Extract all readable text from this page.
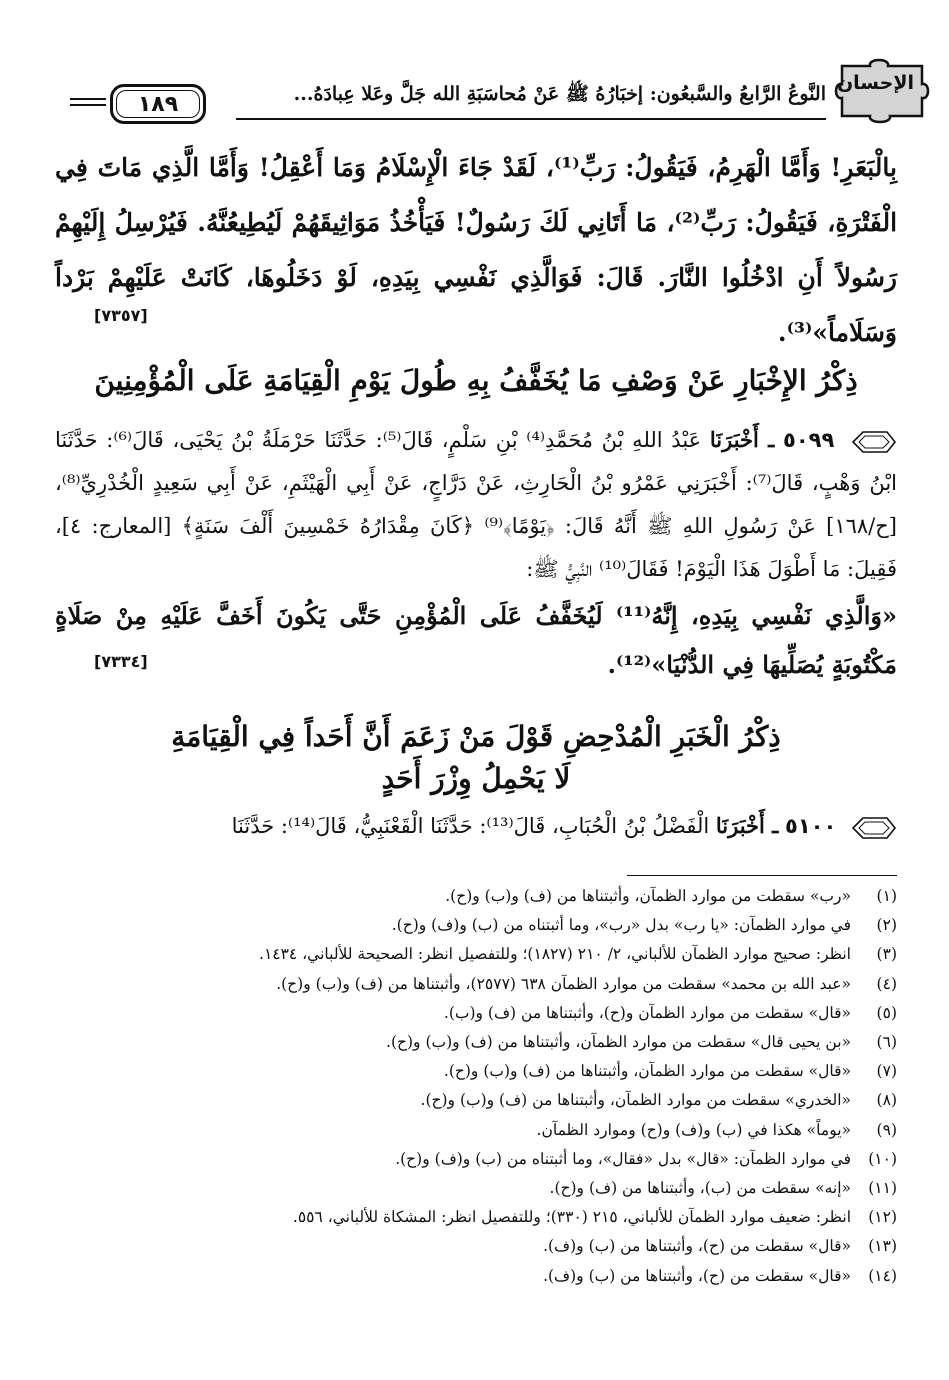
الإحسان
النَّوعُ الرَّابعُ والسَّبعُون: إخبَارُهُ ﷺ عَنْ مُحاسَبَةِ الله جَلَّ وعَلا عِبادَهُ...
١٨٩
بِالْبَعَرِ! وَأَمَّا الْهَرِمُ، فَيَقُولُ: رَبِّ⁽¹⁾، لَقَدْ جَاءَ الْإِسْلَامُ وَمَا أَعْقِلُ! وَأَمَّا الَّذِي مَاتَ فِي الْفَتْرَةِ، فَيَقُولُ: رَبِّ⁽²⁾، مَا أَتَانِي لَكَ رَسُولٌ! فَيَأْخُذُ مَوَاثِيقَهُمْ لَيُطِيعُنَّهُ. فَيُرْسِلُ إِلَيْهِمْ رَسُولاً أَنِ ادْخُلُوا النَّارَ. قَالَ: فَوَالَّذِي نَفْسِي بِيَدِهِ، لَوْ دَخَلُوهَا، كَانَتْ عَلَيْهِمْ بَرْداً وَسَلَاماً»⁽³⁾.
[٧٣٥٧]
ذِكْرُ الإِخْبَارِ عَنْ وَصْفِ مَا يُخَفَّفُ بِهِ طُولَ يَوْمِ الْقِيَامَةِ عَلَى الْمُؤْمِنِينَ
٥٠٩٩ ـ أَخْبَرَنَا عَبْدُ اللهِ بْنُ مُحَمَّدِ⁽⁴⁾ بْنِ سَلْمٍ، قَالَ⁽⁵⁾: حَدَّثَنَا حَرْمَلَةُ بْنُ يَحْيَى، قَالَ⁽⁶⁾: حَدَّثَنَا ابْنُ وَهْبٍ، قَالَ⁽⁷⁾: أَخْبَرَنِي عَمْرُو بْنُ الْحَارِثِ، عَنْ دَرَّاجٍ، عَنْ أَبِي الْهَيْثَمِ، عَنْ أَبِي سَعِيدٍ الْخُدْرِيِّ⁽⁸⁾، [ح/١٦٨] عَنْ رَسُولِ اللهِ ﷺ أَنَّهُ قَالَ: ﴿يَوْمًا﴾⁽⁹⁾ ﴿كَانَ مِقْدَارُهُ خَمْسِينَ أَلْفَ سَنَةٍ﴾ [المعارج: ٤]، فَقِيلَ: مَا أَطْوَلَ هَذَا الْيَوْمَ! فَقَالَ⁽¹⁰⁾ النَّبِيُّ ﷺ:
«وَالَّذِي نَفْسِي بِيَدِهِ، إِنَّهُ⁽¹¹⁾ لَيُخَفَّفُ عَلَى الْمُؤْمِنِ حَتَّى يَكُونَ أَخَفَّ عَلَيْهِ مِنْ صَلَاةٍ مَكْتُوبَةٍ يُصَلِّيهَا فِي الدُّنْيَا»⁽¹²⁾.
[٧٣٣٤]
ذِكْرُ الْخَبَرِ الْمُدْحِضِ قَوْلَ مَنْ زَعَمَ أَنَّ أَحَداً فِي الْقِيَامَةِ
لَا يَحْمِلُ وِزْرَ أَحَدٍ
٥١٠٠ ـ أَخْبَرَنَا الْفَضْلُ بْنُ الْحُبَابِ، قَالَ⁽¹³⁾: حَدَّثَنَا الْقَعْنَبِيُّ، قَالَ⁽¹⁴⁾: حَدَّثَنَا
(١)«رب» سقطت من موارد الظمآن، وأثبتناها من (ف) و(ب) و(ح).
(٢)في موارد الظمآن: «يا رب» بدل «رب»، وما أثبتناه من (ب) و(ف) و(ح).
(٣)انظر: صحيح موارد الظمآن للألباني، ٢/ ٢١٠ (١٨٢٧)؛ وللتفصيل انظر: الصحيحة للألباني، ١٤٣٤.
(٤)«عبد الله بن محمد» سقطت من موارد الظمآن ٦٣٨ (٢٥٧٧)، وأثبتناها من (ف) و(ب) و(ح).
(٥)«قال» سقطت من موارد الظمآن و(ح)، وأثبتناها من (ف) و(ب).
(٦)«بن يحيى قال» سقطت من موارد الظمآن، وأثبتناها من (ف) و(ب) و(ح).
(٧)«قال» سقطت من موارد الظمآن، وأثبتناها من (ف) و(ب) و(ح).
(٨)«الخدري» سقطت من موارد الظمآن، وأثبتناها من (ف) و(ب) و(ح).
(٩)«يوماً» هكذا في (ب) و(ف) و(ح) وموارد الظمآن.
(١٠)في موارد الظمآن: «قال» بدل «فقال»، وما أثبتناه من (ب) و(ف) و(ح).
(١١)«إنه» سقطت من (ب)، وأثبتناها من (ف) و(ح).
(١٢)انظر: ضعيف موارد الظمآن للألباني، ٢١٥ (٣٣٠)؛ وللتفصيل انظر: المشكاة للألباني، ٥٥٦.
(١٣)«قال» سقطت من (ح)، وأثبتناها من (ب) و(ف).
(١٤)«قال» سقطت من (ح)، وأثبتناها من (ب) و(ف).
